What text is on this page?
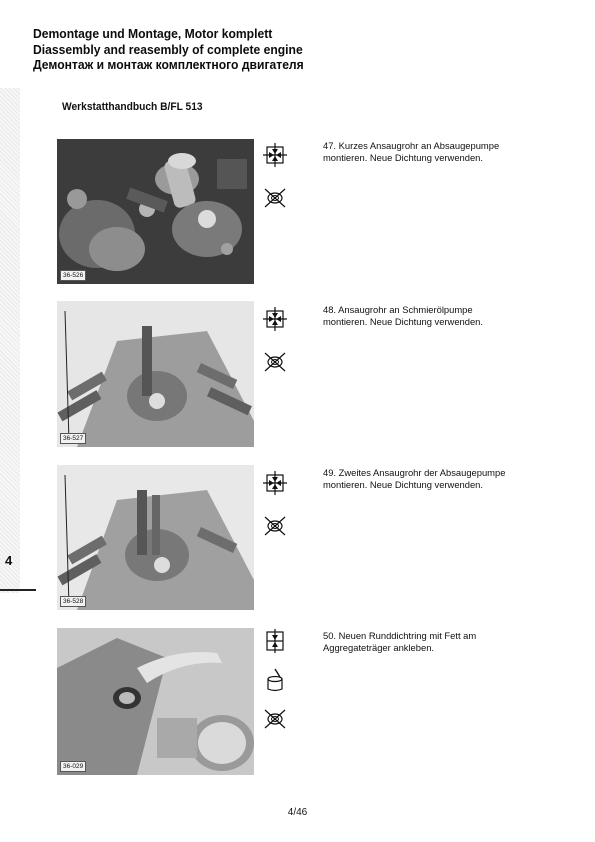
Demontage und Montage, Motor komplett
Diassembly and reasembly of complete engine
Демонтаж и монтаж комплектного двигателя
Werkstatthandbuch B/FL 513
4
36-526
36-527
36-528
36-029

47. Kurzes Ansaugrohr an Absaugepumpe montieren. Neue Dichtung verwenden.
48. Ansaugrohr an Schmierölpumpe montieren. Neue Dichtung verwenden.
49. Zweites Ansaugrohr der Absaugepumpe montieren. Neue Dichtung verwenden.
50. Neuen Runddichtring mit Fett am Aggregateträger ankleben.
4/46
